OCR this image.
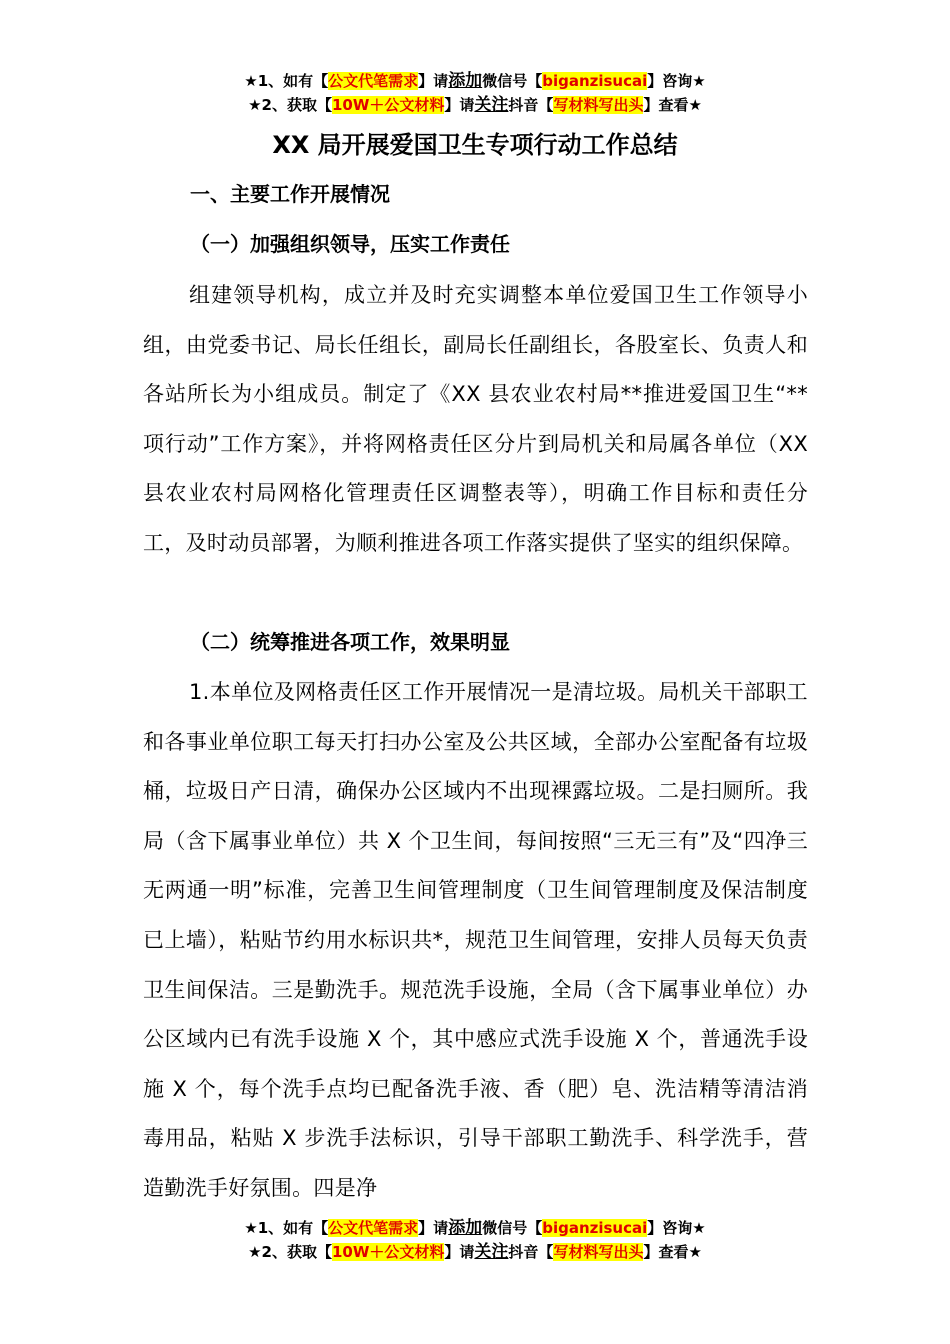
★1、如有【公文代笔需求】请添加微信号【biganzisucai】咨询★
★2、获取【10W＋公文材料】请关注抖音【写材料写出头】查看★
XX 局开展爱国卫生专项行动工作总结
一、主要工作开展情况
（一）加强组织领导，压实工作责任
组建领导机构，成立并及时充实调整本单位爱国卫生工作领导小组，由党委书记、局长任组长，副局长任副组长，各股室长、负责人和各站所长为小组成员。制定了《XX 县农业农村局**推进爱国卫生“**项行动”工作方案》，并将网格责任区分片到局机关和局属各单位（XX 县农业农村局网格化管理责任区调整表等），明确工作目标和责任分工，及时动员部署，为顺利推进各项工作落实提供了坚实的组织保障。
（二）统筹推进各项工作，效果明显
1.本单位及网格责任区工作开展情况一是清垃圾。局机关干部职工和各事业单位职工每天打扫办公室及公共区域，全部办公室配备有垃圾桶，垃圾日产日清，确保办公区域内不出现裸露垃圾。二是扫厕所。我局（含下属事业单位）共 X 个卫生间，每间按照“三无三有”及“四净三无两通一明”标准，完善卫生间管理制度（卫生间管理制度及保洁制度已上墙），粘贴节约用水标识共*，规范卫生间管理，安排人员每天负责卫生间保洁。三是勤洗手。规范洗手设施，全局（含下属事业单位）办公区域内已有洗手设施 X 个，其中感应式洗手设施 X 个，普通洗手设施 X 个，每个洗手点均已配备洗手液、香（肥）皂、洗洁精等清洁消毒用品，粘贴 X 步洗手法标识，引导干部职工勤洗手、科学洗手，营造勤洗手好氛围。四是净
★1、如有【公文代笔需求】请添加微信号【biganzisucai】咨询★
★2、获取【10W＋公文材料】请关注抖音【写材料写出头】查看★
